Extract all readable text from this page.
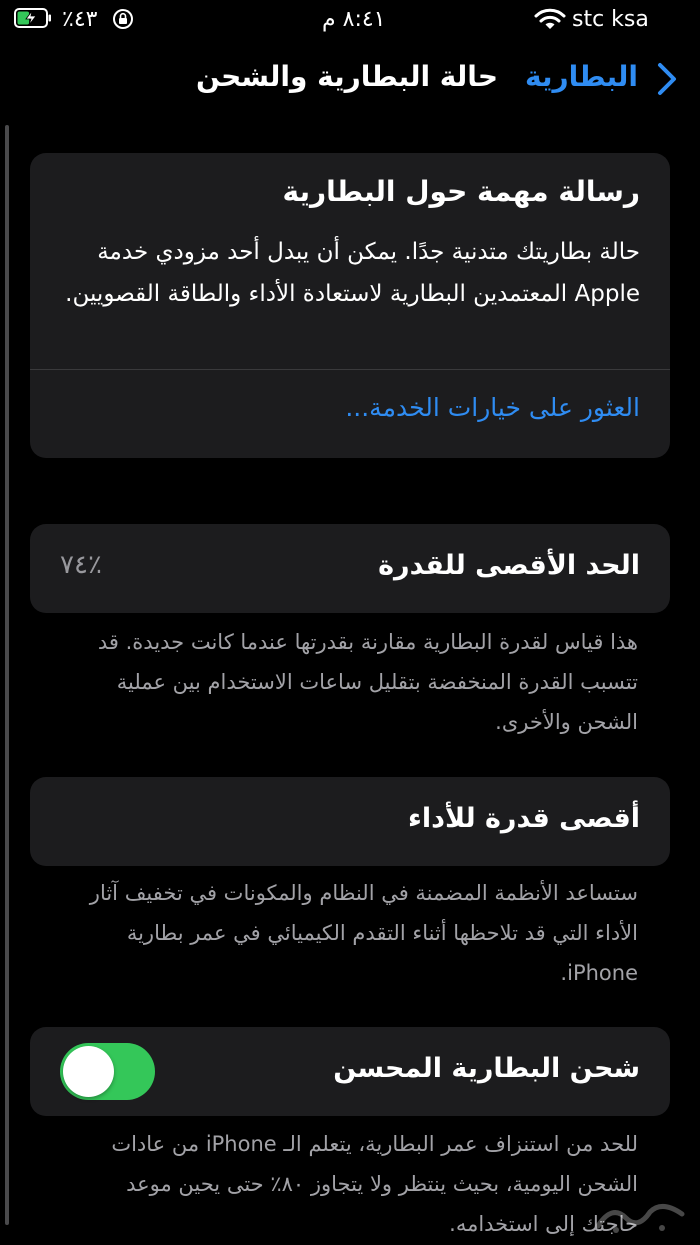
٪٤٣	٨:٤١ م	stc ksa
البطارية
حالة البطارية والشحن
رسالة مهمة حول البطارية
حالة بطاريتك متدنية جدًا. يمكن أن يبدل أحد مزودي خدمة Apple المعتمدين البطارية لاستعادة الأداء والطاقة القصويين.
العثور على خيارات الخدمة...
الحد الأقصى للقدرة
٪٧٤
هذا قياس لقدرة البطارية مقارنة بقدرتها عندما كانت جديدة. قد تتسبب القدرة المنخفضة بتقليل ساعات الاستخدام بين عملية الشحن والأخرى.
أقصى قدرة للأداء
ستساعد الأنظمة المضمنة في النظام والمكونات في تخفيف آثار الأداء التي قد تلاحظها أثناء التقدم الكيميائي في عمر بطارية iPhone.
شحن البطارية المحسن
للحد من استنزاف عمر البطارية، يتعلم الـ iPhone من عادات الشحن اليومية، بحيث ينتظر ولا يتجاوز ٨٠٪ حتى يحين موعد حاجتك إلى استخدامه.
